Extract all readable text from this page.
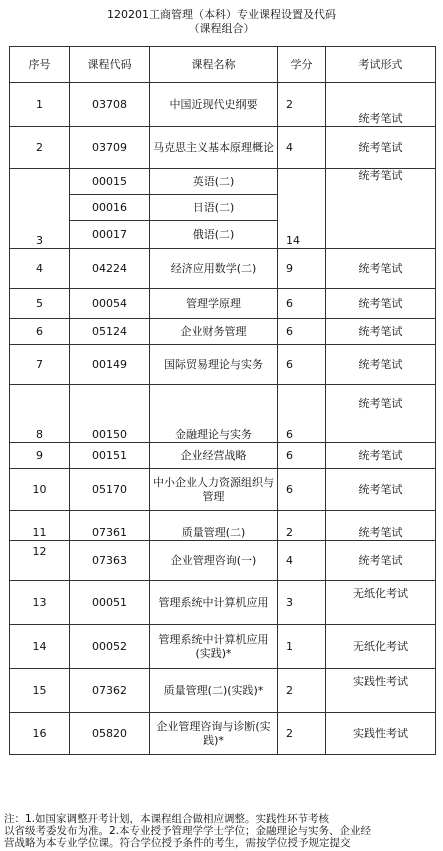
120201工商管理（本科）专业课程设置及代码
（课程组合）
序号	课程代码	课程名称	学分	考试形式
1	03708	中国近现代史纲要	2	统考笔试
2	03709	马克思主义基本原理概论	4	统考笔试
3	00015	英语(二)	14	统考笔试
	00016	日语(二)		
	00017	俄语(二)		
4	04224	经济应用数学(二)	9	统考笔试
5	00054	管理学原理	6	统考笔试
6	05124	企业财务管理	6	统考笔试
7	00149	国际贸易理论与实务	6	统考笔试
8	00150	金融理论与实务	6	统考笔试
9	00151	企业经营战略	6	统考笔试
10	05170	中小企业人力资源组织与管理	6	统考笔试
11	07361	质量管理(二)	2	统考笔试
12	07363	企业管理咨询(一)	4	统考笔试
13	00051	管理系统中计算机应用	3	无纸化考试
14	00052	管理系统中计算机应用(实践)*	1	无纸化考试
15	07362	质量管理(二)(实践)*	2	实践性考试
16	05820	企业管理咨询与诊断(实践)*	2	实践性考试
注：1.如国家调整开考计划，本课程组合做相应调整。实践性环节考核
以省级考委发布为准。2.本专业授予管理学学士学位；金融理论与实务、企业经
营战略为本专业学位课。符合学位授予条件的考生，需按学位授予规定提交
